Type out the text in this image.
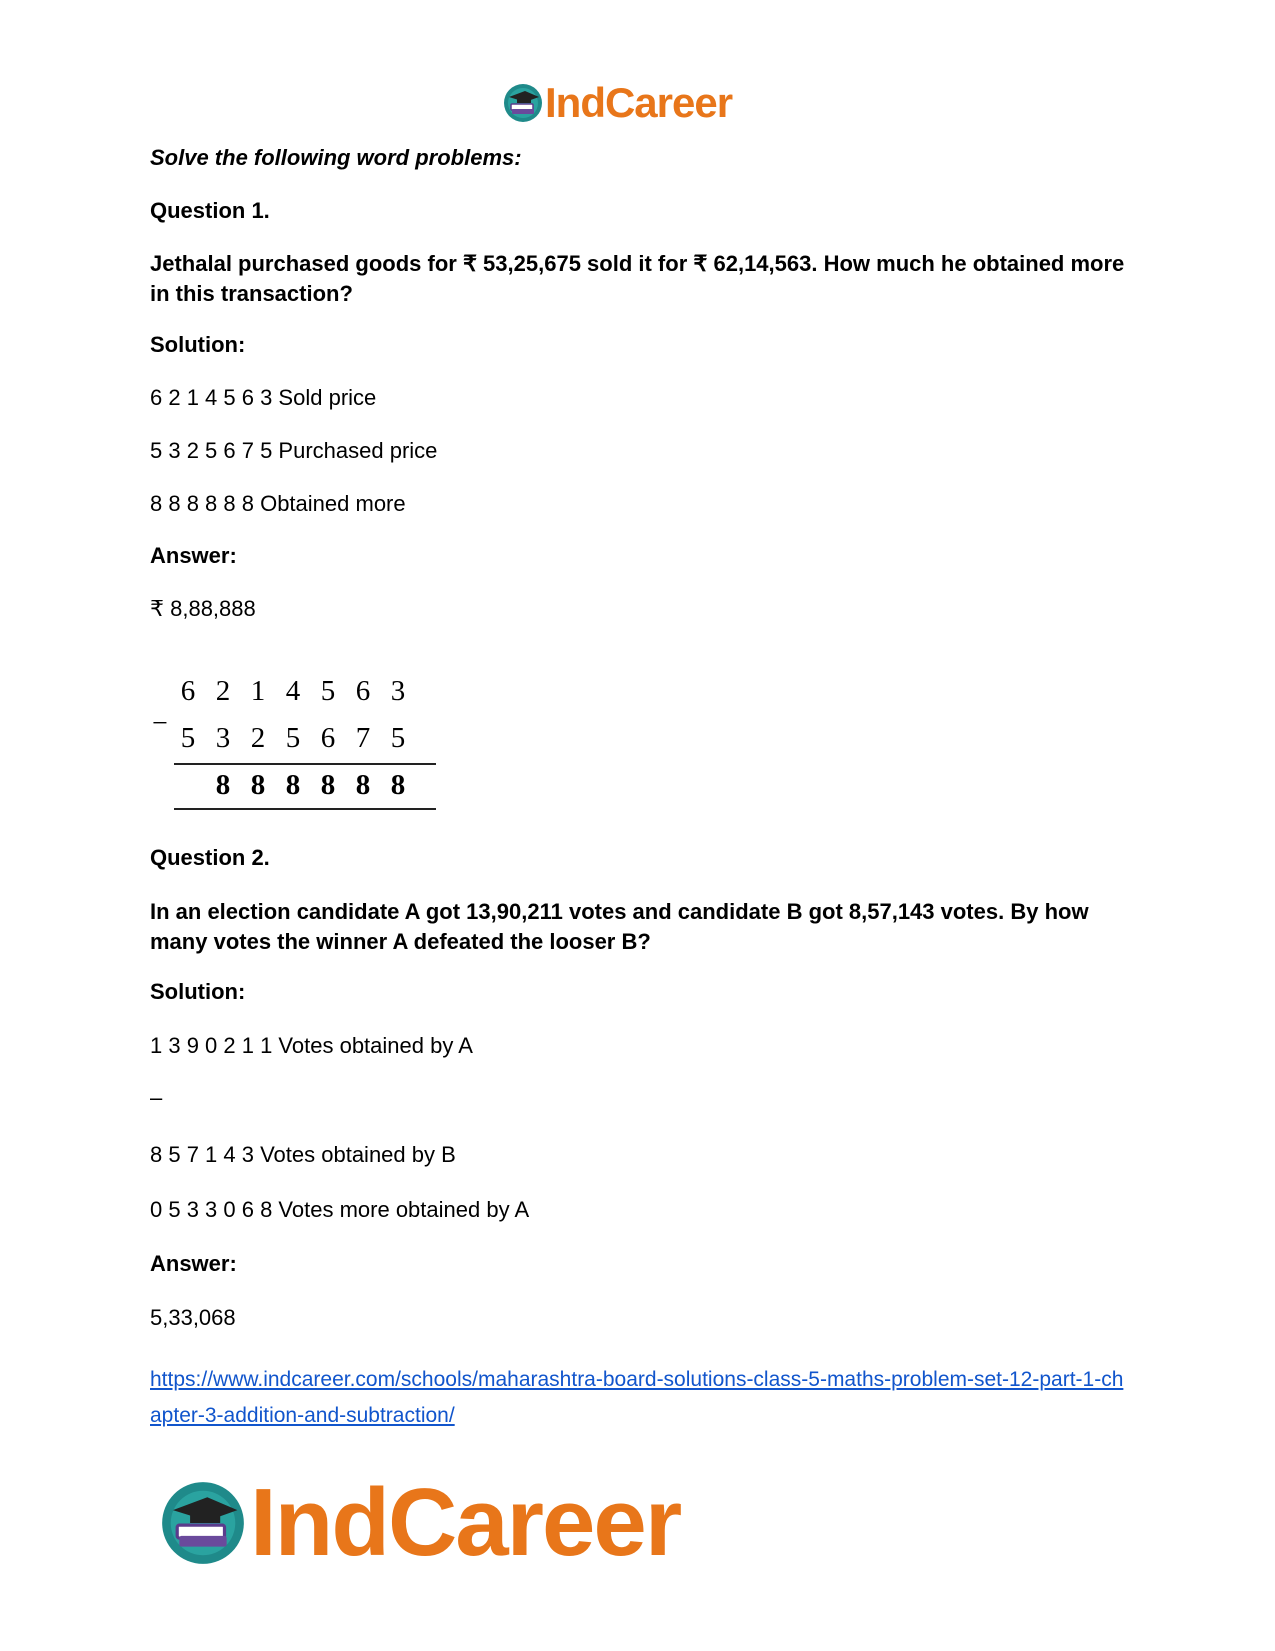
IndCareer
Solve the following word problems:
Question 1.
Jethalal purchased goods for ₹ 53,25,675 sold it for ₹ 62,14,563. How much he obtained more in this transaction?
Solution:
6 2 1 4 5 6 3 Sold price
5 3 2 5 6 7 5 Purchased price
8 8 8 8 8 8 Obtained more
Answer:
₹ 8,88,888
−
6 2 1 4 5 6 3
5 3 2 5 6 7 5
8 8 8 8 8 8
Question 2.
In an election candidate A got 13,90,211 votes and candidate B got 8,57,143 votes. By how many votes the winner A defeated the looser B?
Solution:
1 3 9 0 2 1 1 Votes obtained by A
–
8 5 7 1 4 3 Votes obtained by B
0 5 3 3 0 6 8 Votes more obtained by A
Answer:
5,33,068
https://www.indcareer.com/schools/maharashtra-board-solutions-class-5-maths-problem-set-12-part-1-chapter-3-addition-and-subtraction/
IndCareer
